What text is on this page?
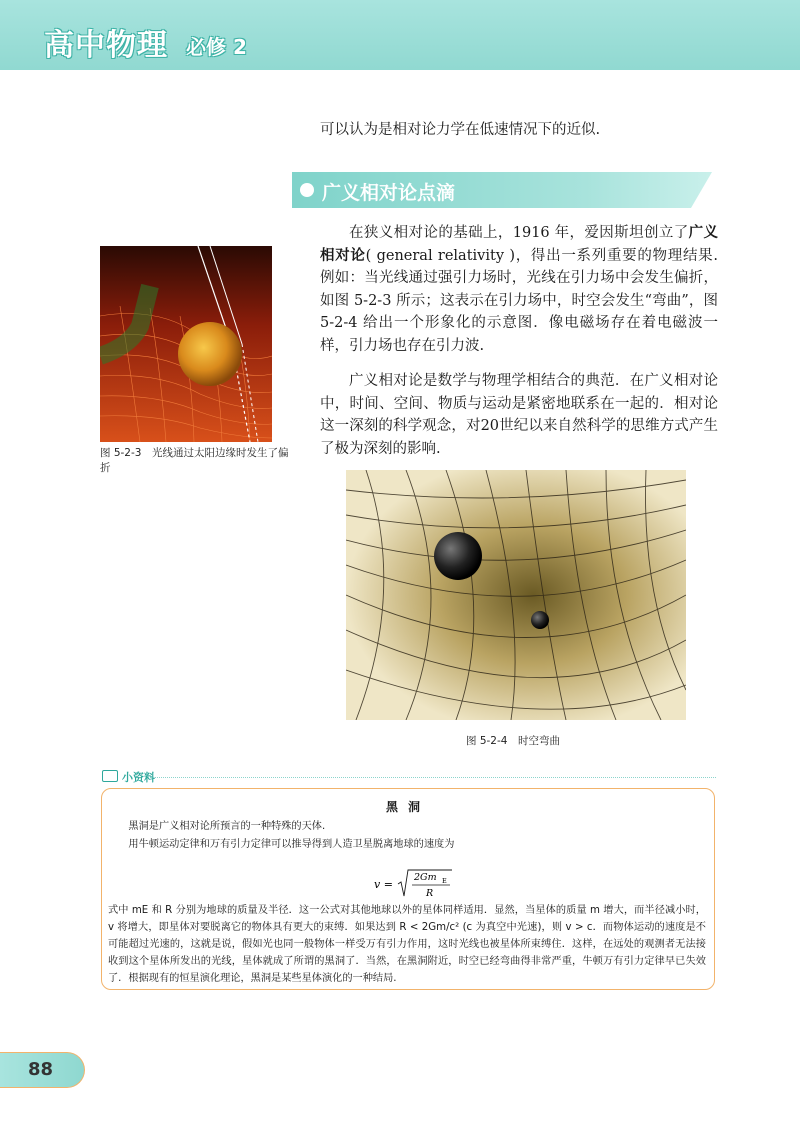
高中物理 必修 2
可以认为是相对论力学在低速情况下的近似.
广义相对论点滴

在狭义相对论的基础上，1916 年，爱因斯坦创立了广义相对论( general relativity )，得出一系列重要的物理结果.例如：当光线通过强引力场时，光线在引力场中会发生偏折，如图 5-2-3 所示；这表示在引力场中，时空会发生“弯曲”，图 5-2-4 给出一个形象化的示意图．像电磁场存在着电磁波一样，引力场也存在引力波.

广义相对论是数学与物理学相结合的典范．在广义相对论中，时间、空间、物质与运动是紧密地联系在一起的．相对论这一深刻的科学观念，对20世纪以来自然科学的思维方式产生了极为深刻的影响.

图 5-2-3　光线通过太阳边缘时发生了偏折
图 5-2-4　时空弯曲
小资料
黑洞
黑洞是广义相对论所预言的一种特殊的天体.
用牛顿运动定律和万有引力定律可以推导得到人造卫星脱离地球的速度为
v =
2Gm E
R
式中 mE 和 R 分别为地球的质量及半径．这一公式对其他地球以外的星体同样适用．显然，当星体的质量 m 增大，而半径减小时，v 将增大，即星体对要脱离它的物体具有更大的束缚．如果达到 R < 2Gm/c² (c 为真空中光速)，则 v > c．而物体运动的速度是不可能超过光速的，这就是说，假如光也同一般物体一样受万有引力作用，这时光线也被星体所束缚住．这样，在远处的观测者无法接收到这个星体所发出的光线，星体就成了所谓的黑洞了．当然，在黑洞附近，时空已经弯曲得非常严重，牛顿万有引力定律早已失效了. 根据现有的恒星演化理论，黑洞是某些星体演化的一种结局.
88
